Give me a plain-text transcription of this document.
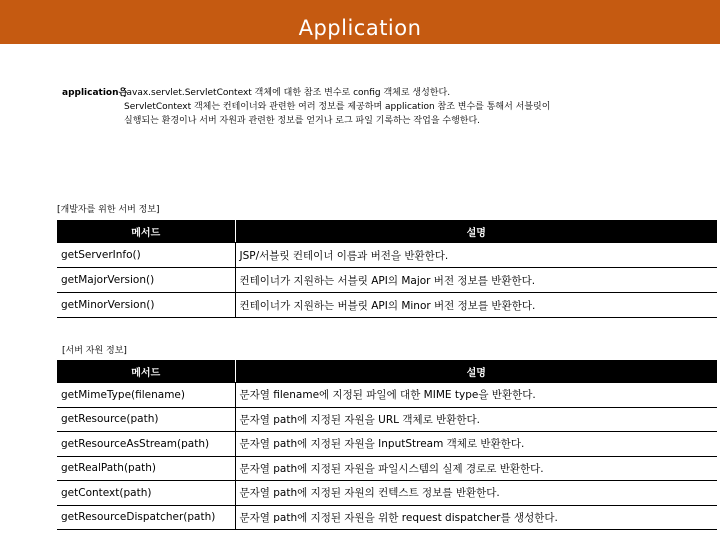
Application
application은
javax.servlet.ServletContext 객체에 대한 참조 변수로 config 객체로 생성한다.
ServletContext 객체는 컨테이너와 관련한 여러 정보를 제공하며 application 참조 변수를 통해서 서블릿이
실행되는 환경이나 서버 자원과 관련한 정보를 얻거나 로그 파일 기록하는 작업을 수행한다.
[개발자를 위한 서버 정보]
메서드	설명
getServerInfo()	JSP/서블릿 컨테이너 이름과 버전을 반환한다.
getMajorVersion()	컨테이너가 지원하는 서블릿 API의 Major 버전 정보를 반환한다.
getMinorVersion()	컨테이너가 지원하는 버블릿 API의 Minor 버전 정보를 반환한다.
[서버 자원 정보]
메서드	설명
getMimeType(filename)	문자열 filename에 지정된 파일에 대한 MIME type을 반환한다.
getResource(path)	문자열 path에 지정된 자원을 URL 객체로 반환한다.
getResourceAsStream(path)	문자열 path에 지정된 자원을 InputStream 객체로 반환한다.
getRealPath(path)	문자열 path에 지정된 자원을 파일시스템의 실제 경로로 반환한다.
getContext(path)	문자열 path에 지정된 자원의 컨텍스트 정보를 반환한다.
getResourceDispatcher(path)	문자열 path에 지정된 자원을 위한 request dispatcher를 생성한다.
